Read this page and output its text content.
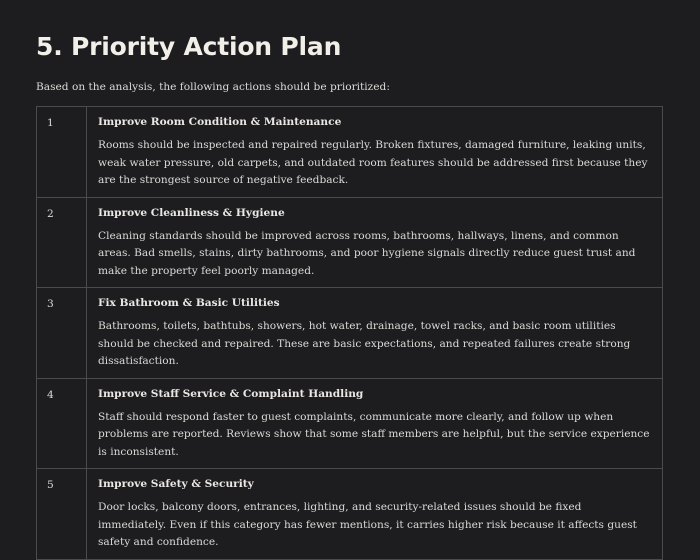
5. Priority Action Plan

Based on the analysis, the following actions should be prioritized:

1	Improve Room Condition & Maintenance

Rooms should be inspected and repaired regularly. Broken fixtures, damaged furniture, leaking units, weak water pressure, old carpets, and outdated room features should be addressed first because they are the strongest source of negative feedback.

2	Improve Cleanliness & Hygiene

Cleaning standards should be improved across rooms, bathrooms, hallways, linens, and common areas. Bad smells, stains, dirty bathrooms, and poor hygiene signals directly reduce guest trust and make the property feel poorly managed.

3	Fix Bathroom & Basic Utilities

Bathrooms, toilets, bathtubs, showers, hot water, drainage, towel racks, and basic room utilities should be checked and repaired. These are basic expectations, and repeated failures create strong dissatisfaction.

4	Improve Staff Service & Complaint Handling

Staff should respond faster to guest complaints, communicate more clearly, and follow up when problems are reported. Reviews show that some staff members are helpful, but the service experience is inconsistent.

5	Improve Safety & Security

Door locks, balcony doors, entrances, lighting, and security-related issues should be fixed immediately. Even if this category has fewer mentions, it carries higher risk because it affects guest safety and confidence.
